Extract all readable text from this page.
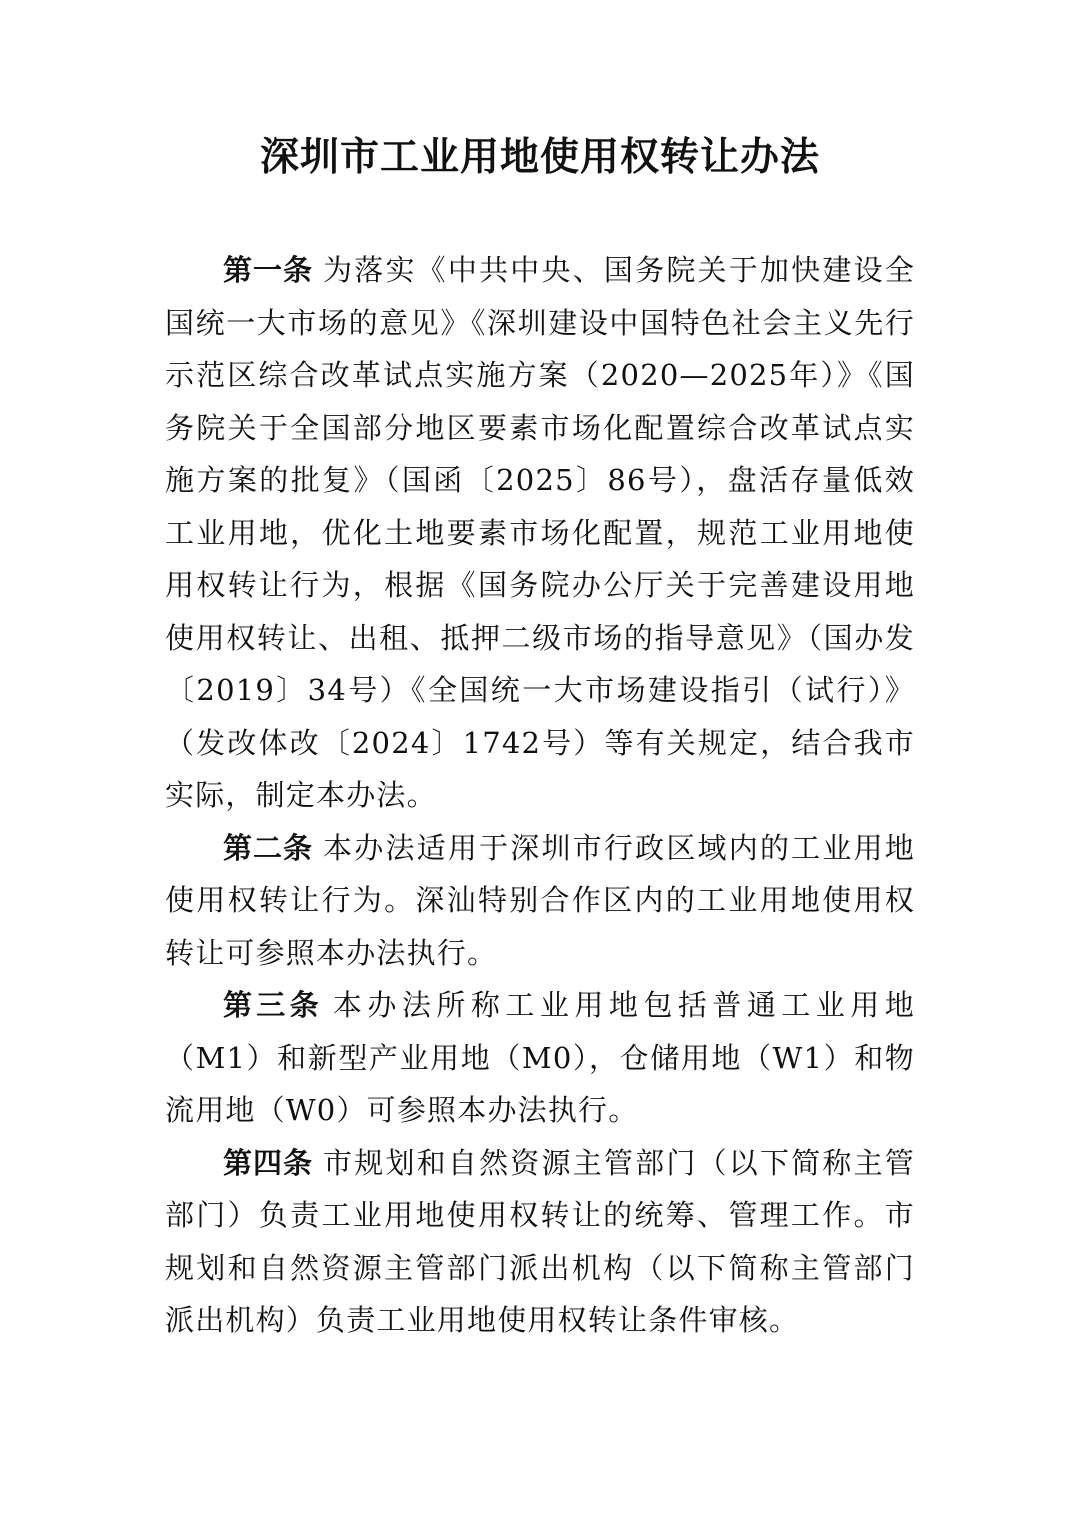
深圳市工业用地使用权转让办法

第一条 为落实《中共中央、国务院关于加快建设全国统一大市场的意见》《深圳建设中国特色社会主义先行示范区综合改革试点实施方案（2020—2025年）》《国务院关于全国部分地区要素市场化配置综合改革试点实施方案的批复》（国函〔2025〕86号），盘活存量低效工业用地，优化土地要素市场化配置，规范工业用地使用权转让行为，根据《国务院办公厅关于完善建设用地使用权转让、出租、抵押二级市场的指导意见》（国办发〔2019〕34号）《全国统一大市场建设指引（试行）》（发改体改〔2024〕1742号）等有关规定，结合我市实际，制定本办法。

第二条 本办法适用于深圳市行政区域内的工业用地使用权转让行为。深汕特别合作区内的工业用地使用权转让可参照本办法执行。

第三条 本办法所称工业用地包括普通工业用地（M1）和新型产业用地（M0），仓储用地（W1）和物流用地（W0）可参照本办法执行。

第四条 市规划和自然资源主管部门（以下简称主管部门）负责工业用地使用权转让的统筹、管理工作。市规划和自然资源主管部门派出机构（以下简称主管部门派出机构）负责工业用地使用权转让条件审核。
